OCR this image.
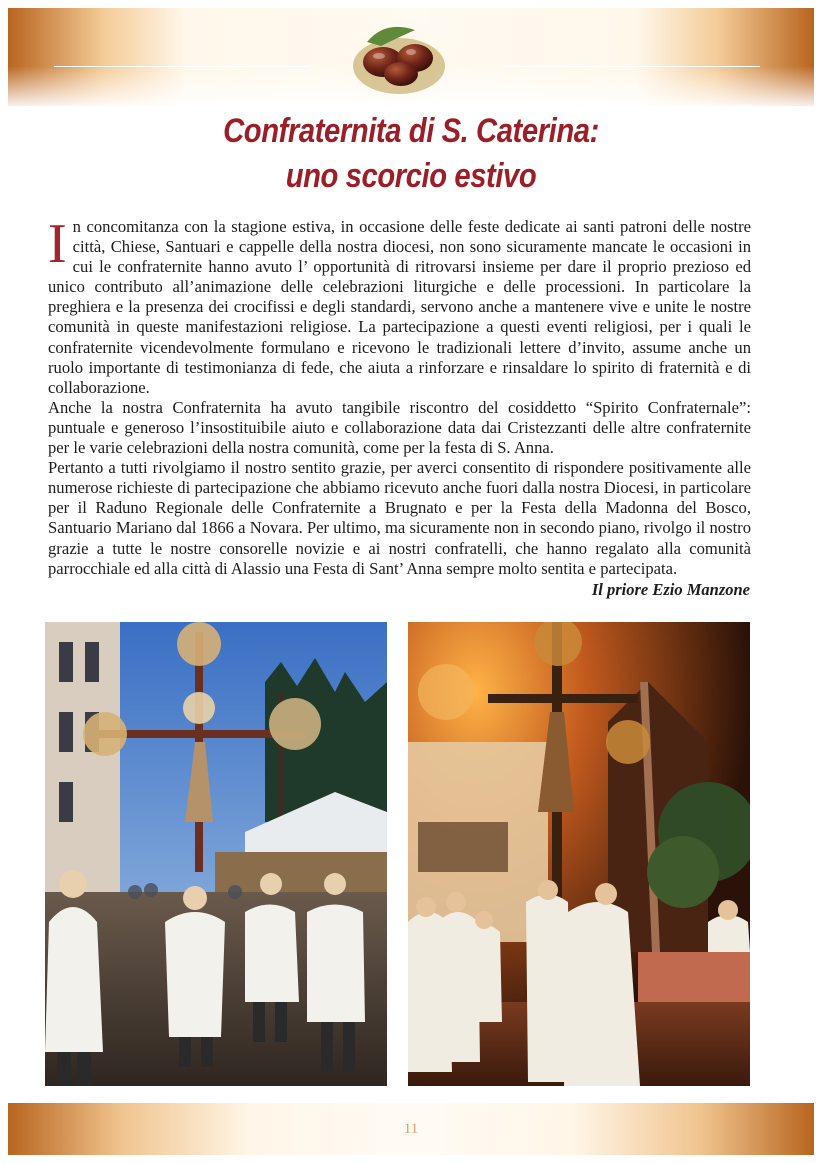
Confraternita di S. Caterina:
uno scorcio estivo

In concomitanza con la stagione estiva, in occasione delle feste dedicate ai santi patroni delle nostre città, Chiese, Santuari e cappelle della nostra diocesi, non sono sicuramente mancate le occasioni in cui le confraternite hanno avuto l’ opportunità di ritrovarsi insieme per dare il proprio prezioso ed unico contributo all’animazione delle celebrazioni liturgiche e delle processioni. In particolare la preghiera e la presenza dei crocifissi e degli standardi, servono anche a mantenere vive e unite le nostre comunità in queste manifestazioni religiose. La partecipazione a questi eventi religiosi, per i quali le confraternite vicendevolmente formulano e ricevono le tradizionali lettere d’invito, assume anche un ruolo importante di testimonianza di fede, che aiuta a rinforzare e rinsaldare lo spirito di fraternità e di collaborazione.

Anche la nostra Confraternita ha avuto tangibile riscontro del cosiddetto “Spirito Confraternale”: puntuale e generoso l’insostituibile aiuto e collaborazione data dai Cristezzanti delle altre confraternite per le varie celebrazioni della nostra comunità, come per la festa di S. Anna.

Pertanto a tutti rivolgiamo il nostro sentito grazie, per averci consentito di rispondere positivamente alle numerose richieste di partecipazione che abbiamo ricevuto anche fuori dalla nostra Diocesi, in particolare per il Raduno Regionale delle Confraternite a Brugnato e per la Festa della Madonna del Bosco, Santuario Mariano dal 1866 a Novara. Per ultimo, ma sicuramente non in secondo piano, rivolgo il nostro grazie a tutte le nostre consorelle novizie e ai nostri confratelli, che hanno regalato alla comunità parrocchiale ed alla città di Alassio una Festa di Sant’ Anna sempre molto sentita e partecipata.

Il priore Ezio Manzone
11
